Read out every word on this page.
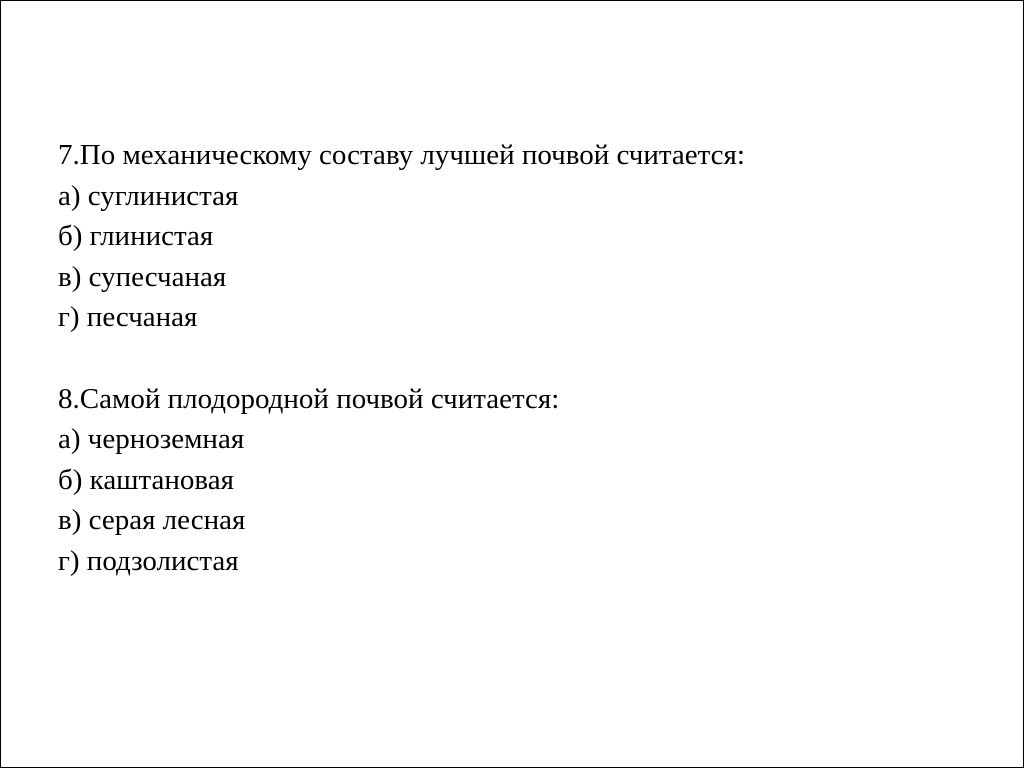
7.По механическому составу лучшей почвой считается:
а) суглинистая
б) глинистая
в) супесчаная
г) песчаная
8.Самой плодородной почвой считается:
а) черноземная
б) каштановая
в) серая лесная
г) подзолистая
